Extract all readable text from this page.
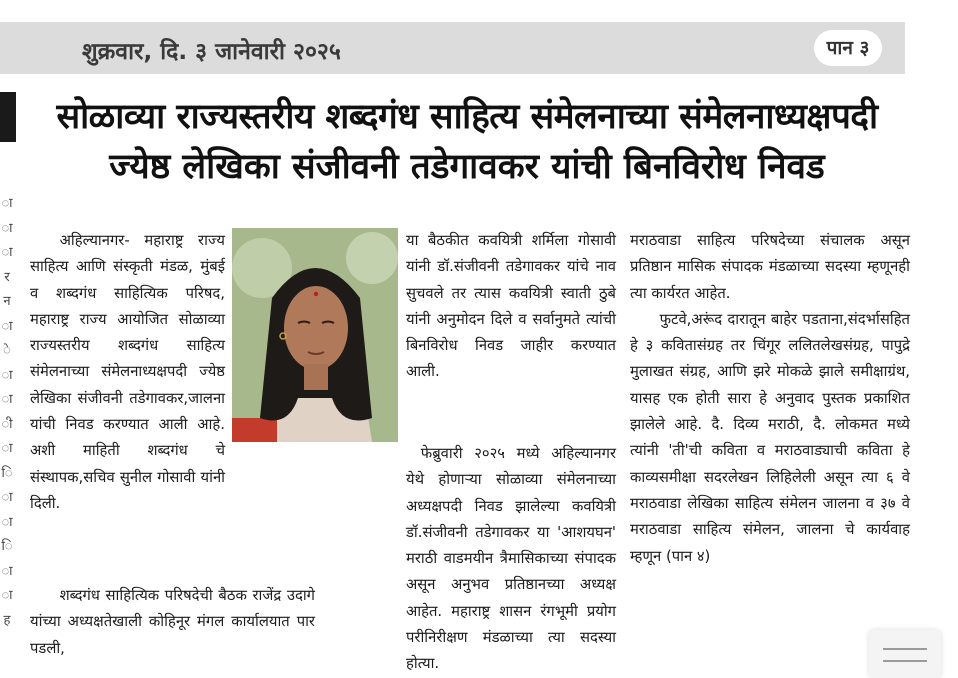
शुक्रवार, दि. ३ जानेवारी २०२५	पान ३
ा
ा
ा
र
न
ा
े
ा
ा
ी
ा
ि
ा
ा
ि
ा
ा
ह
सोळाव्या राज्यस्तरीय शब्दगंध साहित्य संमेलनाच्या संमेलनाध्यक्षपदी
ज्येष्ठ लेखिका संजीवनी तडेगावकर यांची बिनविरोध निवड

अहिल्यानगर- महाराष्ट्र राज्य साहित्य आणि संस्कृती मंडळ, मुंबई व शब्दगंध साहित्यिक परिषद, महाराष्ट्र राज्य आयोजित सोळाव्या राज्यस्तरीय शब्दगंध साहित्य संमेलनाच्या संमेलनाध्यक्षपदी ज्येष्ठ लेखिका संजीवनी तडेगावकर,जालना यांची निवड करण्यात आली आहे. अशी माहिती शब्दगंध चे संस्थापक,सचिव सुनील गोसावी यांनी दिली.

शब्दगंध साहित्यिक परिषदेची बैठक राजेंद्र उदागे यांच्या अध्यक्षतेखाली कोहिनूर मंगल कार्यालयात पार पडली,

या बैठकीत कवयित्री शर्मिला गोसावी यांनी डॉ.संजीवनी तडेगावकर यांचे नाव सुचवले तर त्यास कवयित्री स्वाती ठुबे यांनी अनुमोदन दिले व सर्वानुमते त्यांची बिनविरोध निवड जाहीर करण्यात आली.

फेब्रुवारी २०२५ मध्ये अहिल्यानगर येथे होणाऱ्या सोळाव्या संमेलनाच्या अध्यक्षपदी निवड झालेल्या कवयित्री डॉ.संजीवनी तडेगावकर या 'आशयघन' मराठी वाडमयीन त्रैमासिकाच्या संपादक असून अनुभव प्रतिष्ठानच्या अध्यक्ष आहेत. महाराष्ट्र शासन रंगभूमी प्रयोग परीनिरीक्षण मंडळाच्या त्या सदस्या होत्या.

मराठवाडा साहित्य परिषदेच्या संचालक असून प्रतिष्ठान मासिक संपादक मंडळाच्या सदस्या म्हणूनही त्या कार्यरत आहेत.

फुटवे,अरूंद दारातून बाहेर पडताना,संदर्भासहित हे ३ कवितासंग्रह तर चिंगूर ललितलेखसंग्रह, पापुद्रे मुलाखत संग्रह, आणि झरे मोकळे झाले समीक्षाग्रंथ, यासह एक होती सारा हे अनुवाद पुस्तक प्रकाशित झालेले आहे. दै. दिव्य मराठी, दै. लोकमत मध्ये त्यांनी 'ती'ची कविता व मराठवाड्याची कविता हे काव्यसमीक्षा सदरलेखन लिहिलेली असून त्या ६ वे मराठवाडा लेखिका साहित्य संमेलन जालना व ३७ वे मराठवाडा साहित्य संमेलन, जालना चे कार्यवाह म्हणून (पान ४)
